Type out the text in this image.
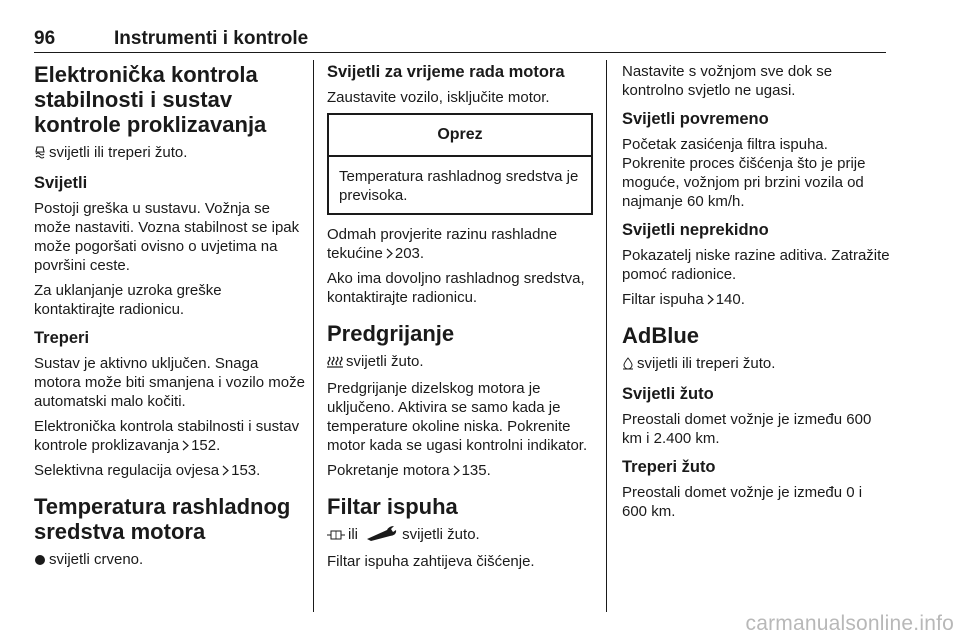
96	Instrumenti i kontrole
Elektronička kontrola stabilnosti i sustav kontrole proklizavanja
svijetli ili treperi žuto.
Svijetli
Postoji greška u sustavu. Vožnja se može nastaviti. Vozna stabilnost se ipak može pogoršati ovisno o uvjetima na površini ceste.
Za uklanjanje uzroka greške kontaktirajte radionicu.
Treperi
Sustav je aktivno uključen. Snaga motora može biti smanjena i vozilo može automatski malo kočiti.
Elektronička kontrola stabilnosti i sustav kontrole proklizavanja 152.
Selektivna regulacija ovjesa 153.
Temperatura rashladnog sredstva motora
svijetli crveno.
Svijetli za vrijeme rada motora
Zaustavite vozilo, isključite motor.
Oprez
Temperatura rashladnog sredstva je previsoka.
Odmah provjerite razinu rashladne tekućine 203.
Ako ima dovoljno rashladnog sredstva, kontaktirajte radionicu.
Predgrijanje
svijetli žuto.
Predgrijanje dizelskog motora je uključeno. Aktivira se samo kada je temperature okoline niska. Pokrenite motor kada se ugasi kontrolni indikator.
Pokretanje motora 135.
Filtar ispuha
ili	svijetli žuto.
Filtar ispuha zahtijeva čišćenje.
Nastavite s vožnjom sve dok se kontrolno svjetlo ne ugasi.
Svijetli povremeno
Početak zasićenja filtra ispuha. Pokrenite proces čišćenja što je prije moguće, vožnjom pri brzini vozila od najmanje 60 km/h.
Svijetli neprekidno
Pokazatelj niske razine aditiva. Zatražite pomoć radionice.
Filtar ispuha 140.
AdBlue
svijetli ili treperi žuto.
Svijetli žuto
Preostali domet vožnje je između 600 km i 2.400 km.
Treperi žuto
Preostali domet vožnje je između 0 i 600 km.
carmanualsonline.info
